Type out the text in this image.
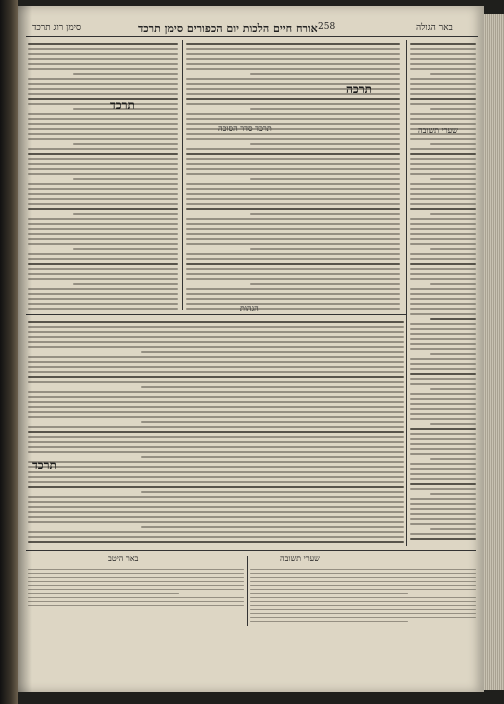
סימן רוג תרכד	אורח חיים הלכות יום הכפורים סימן תרכד 258	באר הגולה
שערי תשובה
תרכד
תרכה
תרכד סדר הסוכה
הגהות
תרכד
שערי תשובה
באר היטב
